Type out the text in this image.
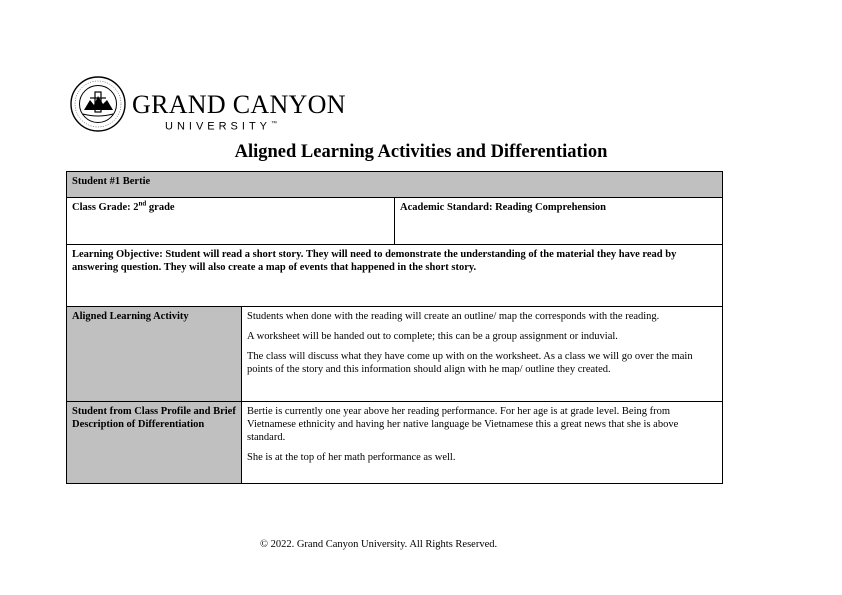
GRAND CANYON
UNIVERSITY™
Aligned Learning Activities and Differentiation
Student #1 Bertie		
Class Grade: 2nd grade		Academic Standard: Reading Comprehension
Learning Objective: Student will read a short story. They will need to demonstrate the understanding of the material they have read by answering question. They will also create a map of events that happened in the short story.		
Aligned Learning Activity	Students when done with the reading will create an outline/ map the corresponds with the reading.

A worksheet will be handed out to complete; this can be a group assignment or induvial.

The class will discuss what they have come up with on the worksheet. As a class we will go over the main points of the story and this information should align with he map/ outline they created.	

Student from Class Profile and Brief Description of Differentiation	Bertie is currently one year above her reading performance. For her age is at grade level. Being from Vietnamese ethnicity and having her native language be Vietnamese this a great news that she is above standard.

She is at the top of her math performance as well.	

© 2022. Grand Canyon University. All Rights Reserved.
